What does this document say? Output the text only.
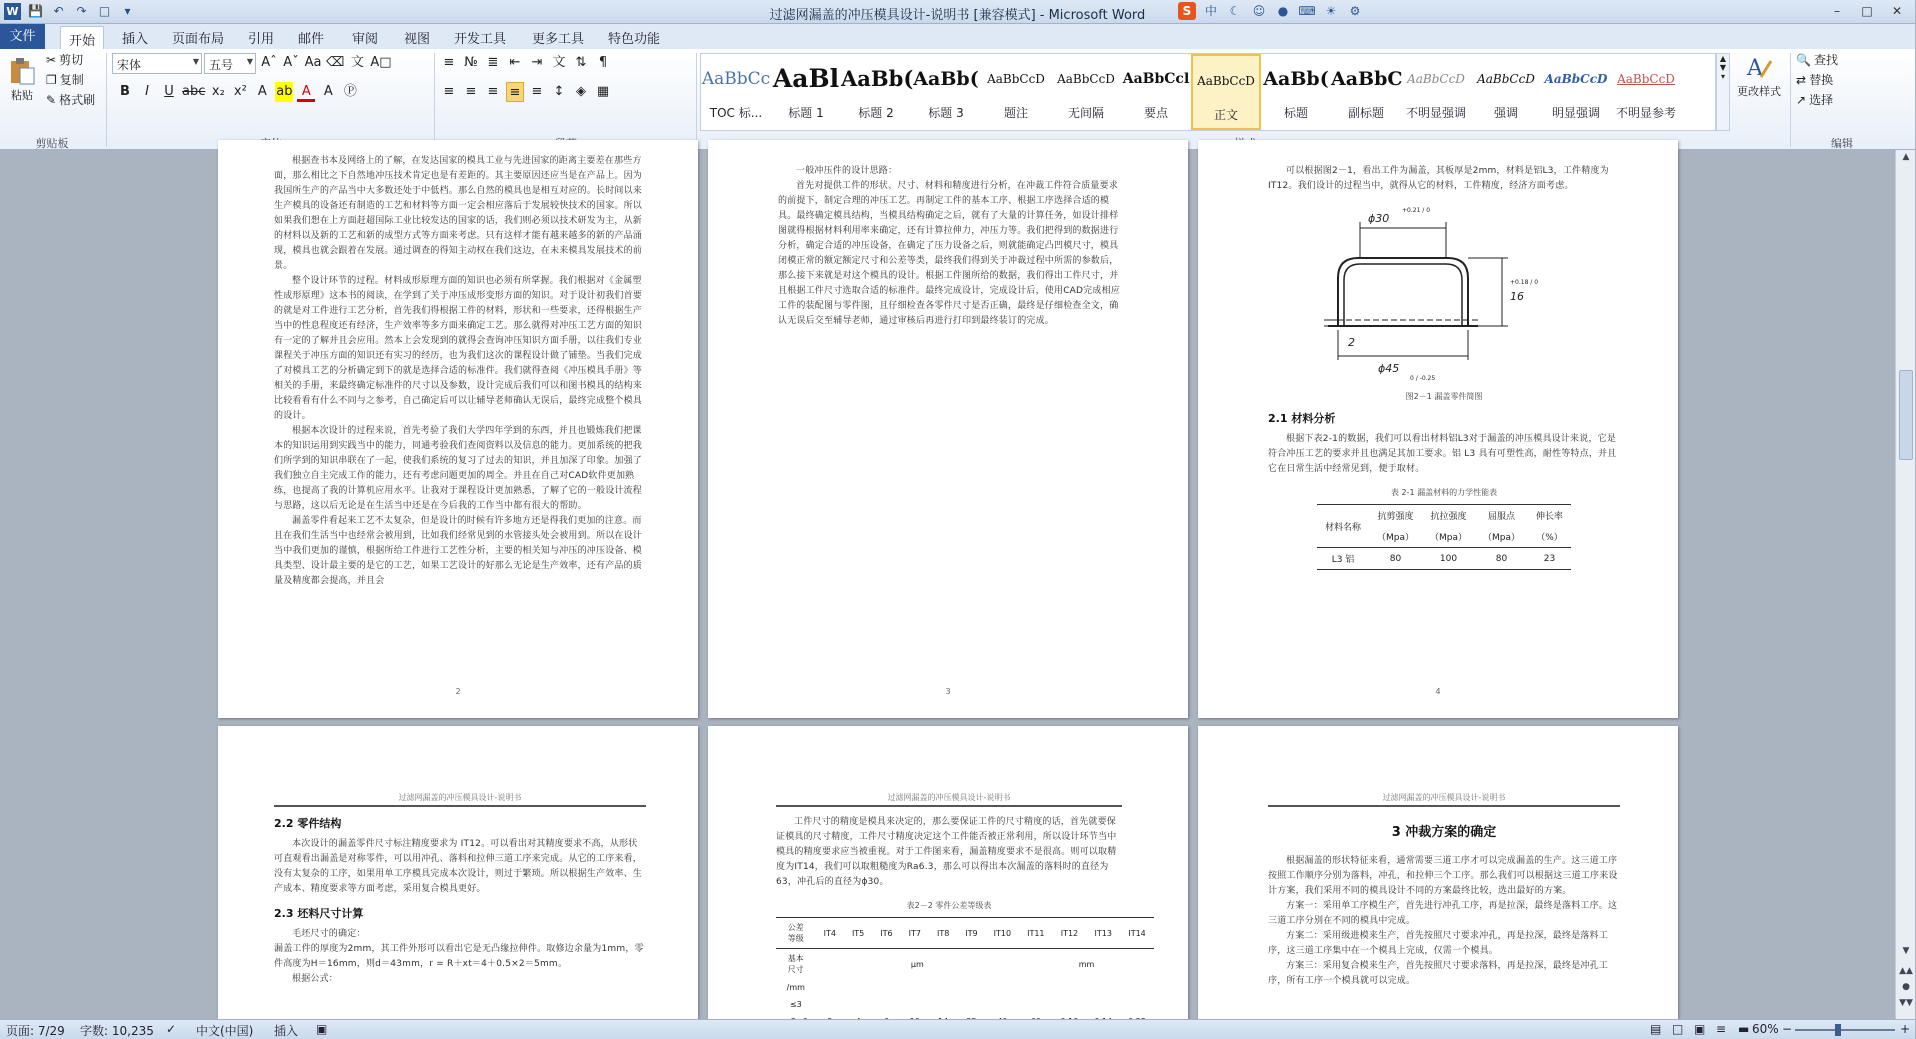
W 💾 ↶ ↷ □	▾	过滤网漏盖的冲压模具设计-说明书 [兼容模式] - Microsoft Word	S	中	☾	☺	● ⌨ ☀	⚙	–	□	✕
文件	开始	插入 页面布局 引用 邮件 审阅 视图 开发工具 更多工具 特色功能
粘贴
✂ 剪切
❐ 复制
✎ 格式刷
剪贴板
宋体	▼ 五号 ▼ Aˆ Aˇ Aa ⌫ 文 A□
B	I	U abc x₂ x² A ab A	A Ⓟ
≡ № ≣ ⇤ ⇥ 文 ⇅ ¶
≡ ≡ ≡ ≡ ≡ ↕ ◈ ▦
AaBbCc
TOC 标...
AaBl
标题 1
AaBb(
标题 2
AaBb(
标题 3
AaBbCcD
题注
AaBbCcD
无间隔
AaBbCcl
要点
AaBbCcD
正文
AaBb(
标题
AaBbC
副标题
AaBbCcD
不明显强调
AaBbCcD
强调
AaBbCcD
明显强调
AaBbCcD
不明显参考
▲
▼
▾ A
更改样式
🔍 查找
⇄ 替换
↗ 选择
编辑

根据查书本及网络上的了解，在发达国家的模具工业与先进国家的距离主要差在那些方面，那么相比之下自然地冲压技术肯定也是有差距的。其主要原因还应当是在产品上。因为我国所生产的产品当中大多数还处于中低档。那么自然的模具也是相互对应的。长时间以来生产模具的设备还有制造的工艺和材料等方面一定会相应落后于发展较快技术的国家。所以如果我们想在上方面赶超国际工业比较发达的国家的话，我们则必须以技术研发为主，从新的材料以及新的工艺和新的成型方式等方面来考虑。只有这样才能有越来越多的新的产品涌现，模具也就会跟着在发展。通过调查的得知主动权在我们这边，在未来模具发展技术的前景。

整个设计环节的过程。材料成形原理方面的知识也必须有所掌握。我们根据对《金属塑性成形原理》这本书的阅读，在学到了关于冲压成形变形方面的知识。对于设计初我们首要的就是对工件进行工艺分析，首先我们得根据工件的材料，形状和一些要求，还得根据生产当中的性息程度还有经济，生产效率等多方面来确定工艺。那么就得对冲压工艺方面的知识有一定的了解并且会应用。然本上会发现到的就得会查询冲压知识方面手册，以往我们专业课程关于冲压方面的知识还有实习的经历，也为我们这次的课程设计做了铺垫。当我们完成了对模具工艺的分析确定到下的就是选择合适的标准件。我们就得查阅《冲压模具手册》等相关的手册，来最终确定标准件的尺寸以及参数，设计完成后我们可以和图书模具的结构来比较看看有什么不同与之参考，自己确定后可以让辅导老师确认无误后，最终完成整个模具的设计。

根据本次设计的过程来说，首先考验了我们大学四年学到的东西，并且也锻炼我们把课本的知识运用到实践当中的能力，同通考验我们查阅资料以及信息的能力。更加系统的把我们所学到的知识串联在了一起，使我们系统的复习了过去的知识，并且加深了印象。加强了我们独立自主完成工作的能力，还有考虑问题更加的周全。并且在自己对CAD软件更加熟练，也提高了我的计算机应用水平。让我对于课程设计更加熟悉，了解了它的一般设计流程与思路，这以后无论是在生活当中还是在今后我的工作当中都有很大的帮助。

漏盖零件看起来工艺不太复杂，但是设计的时候有许多地方还是得我们更加的注意。而且在我们生活当中也经常会被用到，比如我们经常见到的水管接头处会被用到。所以在设计当中我们更加的谨慎，根据所给工件进行工艺性分析，主要的相关知与冲压的冲压设备、模具类型、设计最主要的是它的工艺，如果工艺设计的好那么无论是生产效率，还有产品的质量及精度都会提高，并且会

2

一般冲压件的设计思路：

首先对提供工件的形状、尺寸、材料和精度进行分析，在冲裁工件符合质量要求的前提下，制定合理的冲压工艺。再制定工件的基本工序、根据工序选择合适的模具。最终确定模具结构，当模具结构确定之后，就有了大量的计算任务，如设计排样图就得根据材料利用率来确定，还有计算拉伸力，冲压力等。我们把得到的数据进行分析，确定合适的冲压设备，在确定了压力设备之后，则就能确定凸凹模尺寸，模具闭模正常的额定额定尺寸和公差等类，最终我们得到关于冲裁过程中所需的参数后，那么接下来就是对这个模具的设计。根据工件图所给的数据，我们得出工件尺寸，并且根据工件尺寸选取合适的标准件。最终完成设计，完成设计后，使用CAD完成相应工件的装配图与零件图，且仔细检查各零件尺寸是否正确，最终是仔细检查全文，确认无误后交至辅导老师，通过审核后再进行打印到最终装订的完成。

3

可以根据图2－1，看出工件为漏盖，其板厚是2mm，材料是铝L3，工件精度为IT12。我们设计的过程当中，就得从它的材料，工件精度，经济方面考虑。

ϕ30
+0.21 / 0
16
+0.18 / 0
2
ϕ45
0 / -0.25
图2－1 漏盖零件简图
2.1 材料分析

根据下表2-1的数据，我们可以看出材料铝L3对于漏盖的冲压模具设计来说，它是符合冲压工艺的要求并且也满足其加工要求。铝 L3 具有可塑性高，耐性等特点，并且它在日常生活中经常见到，便于取材。

表 2-1 漏盖材料的力学性能表
材料名称	抗剪强度	抗拉强度	屈服点	伸长率
	（Mpa）	（Mpa）	（Mpa）	（%）
L3 铝	80	100	80	23
4
过滤网漏盖的冲压模具设计-说明书
2.2 零件结构

本次设计的漏盖零件尺寸标注精度要求为 IT12。可以看出对其精度要求不高，从形状可直观看出漏盖是对称零件，可以用冲孔、落料和拉伸三道工序来完成。从它的工序来看，没有太复杂的工序，如果用单工序模具完成本次设计，则过于繁琐。所以根据生产效率、生产成本、精度要求等方面考虑，采用复合模具更好。

2.3 坯料尺寸计算

毛坯尺寸的确定：

漏盖工件的厚度为2mm，其工件外形可以看出它是无凸缘拉伸件。取修边余量为1mm，零件高度为H＝16mm，则d＝43mm，r = R＋xt＝4＋0.5×2＝5mm。

根据公式：

过滤网漏盖的冲压模具设计-说明书

工件尺寸的精度是模具来决定的，那么要保证工件的尺寸精度的话，首先就要保证模具的尺寸精度，工件尺寸精度决定这个工件能否被正常利用，所以设计环节当中模具的精度要求应当被重视。对于工件图来看，漏盖精度要求不是很高。则可以取精度为IT14，我们可以取粗糙度为Ra6.3，那么可以得出本次漏盖的落料时的直径为63，冲孔后的直径为ϕ30。

表2－2 零件公差等级表
公差等级	IT4	IT5	IT6	IT7	IT8	IT9	IT10	IT11	IT12	IT13	IT14
基本尺寸	μm							mm			
/mm											
≤3											

过滤网漏盖的冲压模具设计-说明书
3 冲裁方案的确定

根据漏盖的形状特征来看，通常需要三道工序才可以完成漏盖的生产。这三道工序按照工作顺序分别为落料，冲孔，和拉伸三个工序。那么我们可以根据这三道工序来设计方案，我们采用不同的模具设计不同的方案最终比较，选出最好的方案。

方案一：采用单工序模生产，首先进行冲孔工序，再是拉深，最终是落料工序。这三道工序分别在不同的模具中完成。

方案二：采用级进模来生产，首先按照尺寸要求冲孔，再是拉深，最终是落料工序，这三道工序集中在一个模具上完成，仅需一个模具。

方案三：采用复合模来生产，首先按照尺寸要求落料，再是拉深，最终是冲孔工序，所有工序一个模具就可以完成。

▲
▼
▲▲
●
▼▼
页面: 7/29 字数: 10,235 ✓ 中文(中国) 插入 ▣	▤ □ ▣ ≡ ▬ 60% −	+
